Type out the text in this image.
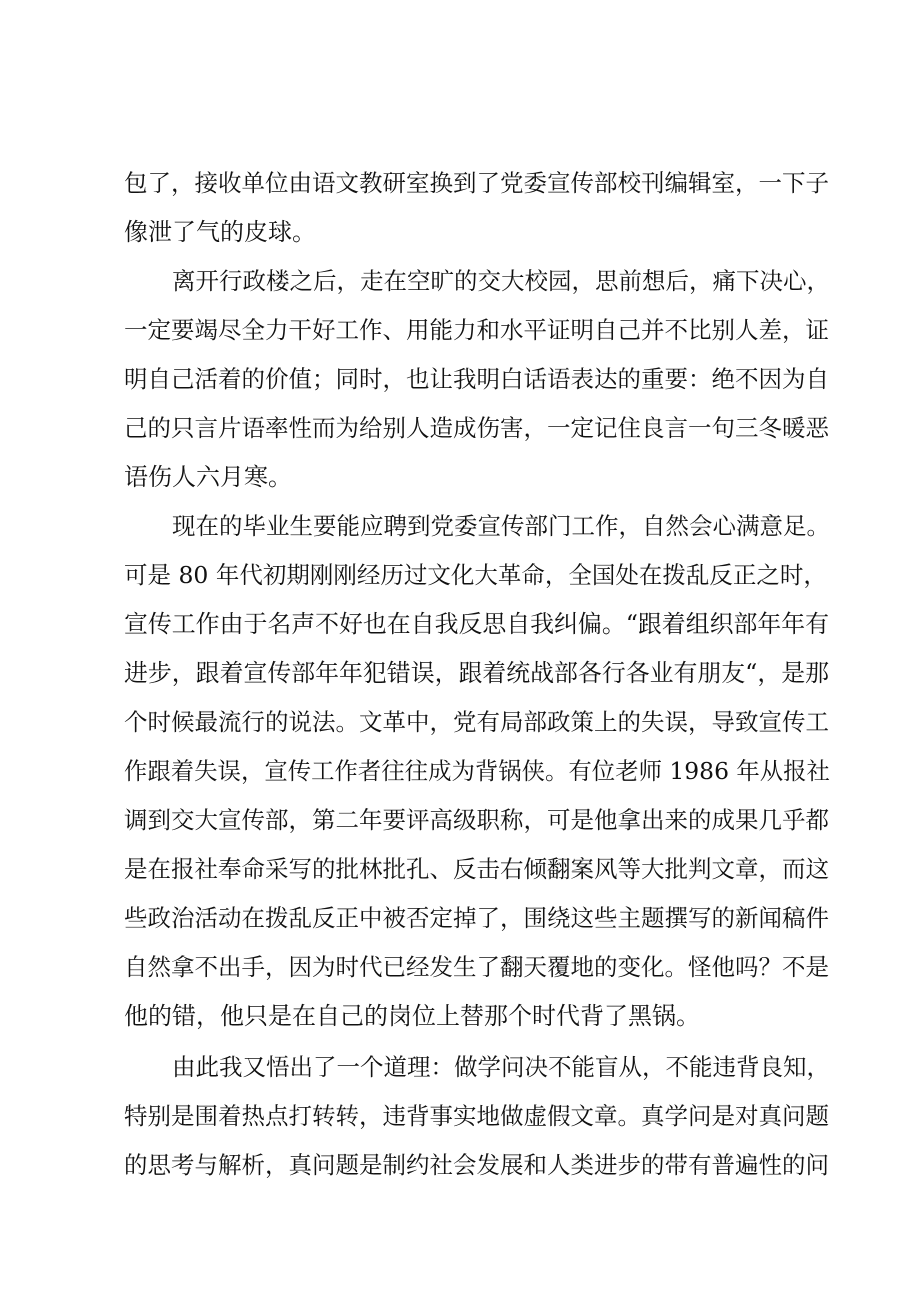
包了，接收单位由语文教研室换到了党委宣传部校刊编辑室，一下子

像泄了气的皮球。

离开行政楼之后，走在空旷的交大校园，思前想后，痛下决心，

一定要竭尽全力干好工作、用能力和水平证明自己并不比别人差，证

明自己活着的价值；同时，也让我明白话语表达的重要：绝不因为自

己的只言片语率性而为给别人造成伤害，一定记住良言一句三冬暖恶

语伤人六月寒。

现在的毕业生要能应聘到党委宣传部门工作，自然会心满意足。

可是 80 年代初期刚刚经历过文化大革命，全国处在拨乱反正之时，

宣传工作由于名声不好也在自我反思自我纠偏。“跟着组织部年年有

进步，跟着宣传部年年犯错误，跟着统战部各行各业有朋友“，是那

个时候最流行的说法。文革中，党有局部政策上的失误，导致宣传工

作跟着失误，宣传工作者往往成为背锅侠。有位老师 1986 年从报社

调到交大宣传部，第二年要评高级职称，可是他拿出来的成果几乎都

是在报社奉命采写的批林批孔、反击右倾翻案风等大批判文章，而这

些政治活动在拨乱反正中被否定掉了，围绕这些主题撰写的新闻稿件

自然拿不出手，因为时代已经发生了翻天覆地的变化。怪他吗？不是

他的错，他只是在自己的岗位上替那个时代背了黑锅。

由此我又悟出了一个道理：做学问决不能盲从，不能违背良知，

特别是围着热点打转转，违背事实地做虚假文章。真学问是对真问题

的思考与解析，真问题是制约社会发展和人类进步的带有普遍性的问
